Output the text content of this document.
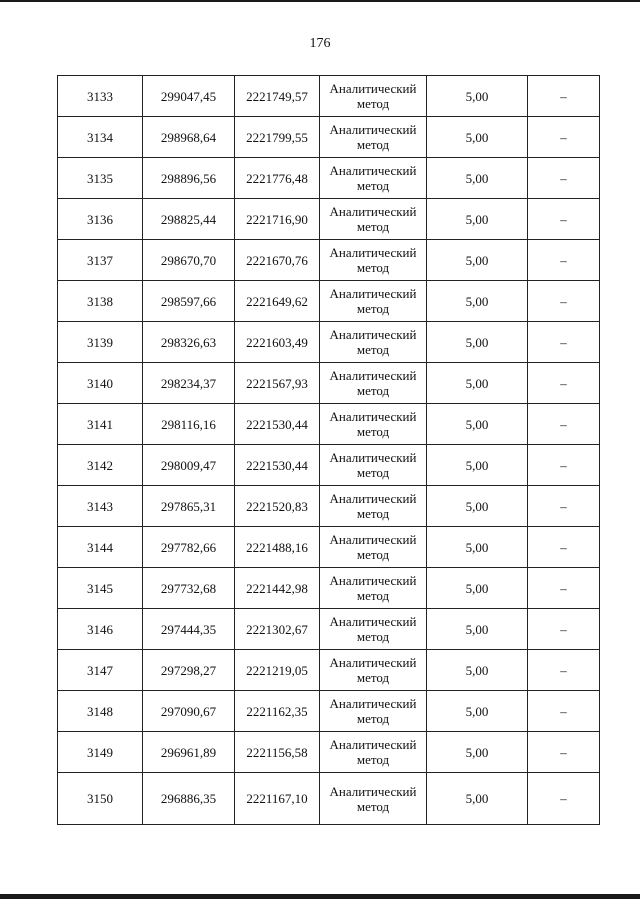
176
3133	299047,45	2221749,57	Аналитический
метод	5,00	–
3134	298968,64	2221799,55	Аналитический
метод	5,00	–
3135	298896,56	2221776,48	Аналитический
метод	5,00	–
3136	298825,44	2221716,90	Аналитический
метод	5,00	–
3137	298670,70	2221670,76	Аналитический
метод	5,00	–
3138	298597,66	2221649,62	Аналитический
метод	5,00	–
3139	298326,63	2221603,49	Аналитический
метод	5,00	–
3140	298234,37	2221567,93	Аналитический
метод	5,00	–
3141	298116,16	2221530,44	Аналитический
метод	5,00	–
3142	298009,47	2221530,44	Аналитический
метод	5,00	–
3143	297865,31	2221520,83	Аналитический
метод	5,00	–
3144	297782,66	2221488,16	Аналитический
метод	5,00	–
3145	297732,68	2221442,98	Аналитический
метод	5,00	–
3146	297444,35	2221302,67	Аналитический
метод	5,00	–
3147	297298,27	2221219,05	Аналитический
метод	5,00	–
3148	297090,67	2221162,35	Аналитический
метод	5,00	–
3149	296961,89	2221156,58	Аналитический
метод	5,00	–
3150	296886,35	2221167,10	Аналитический
метод	5,00	–
